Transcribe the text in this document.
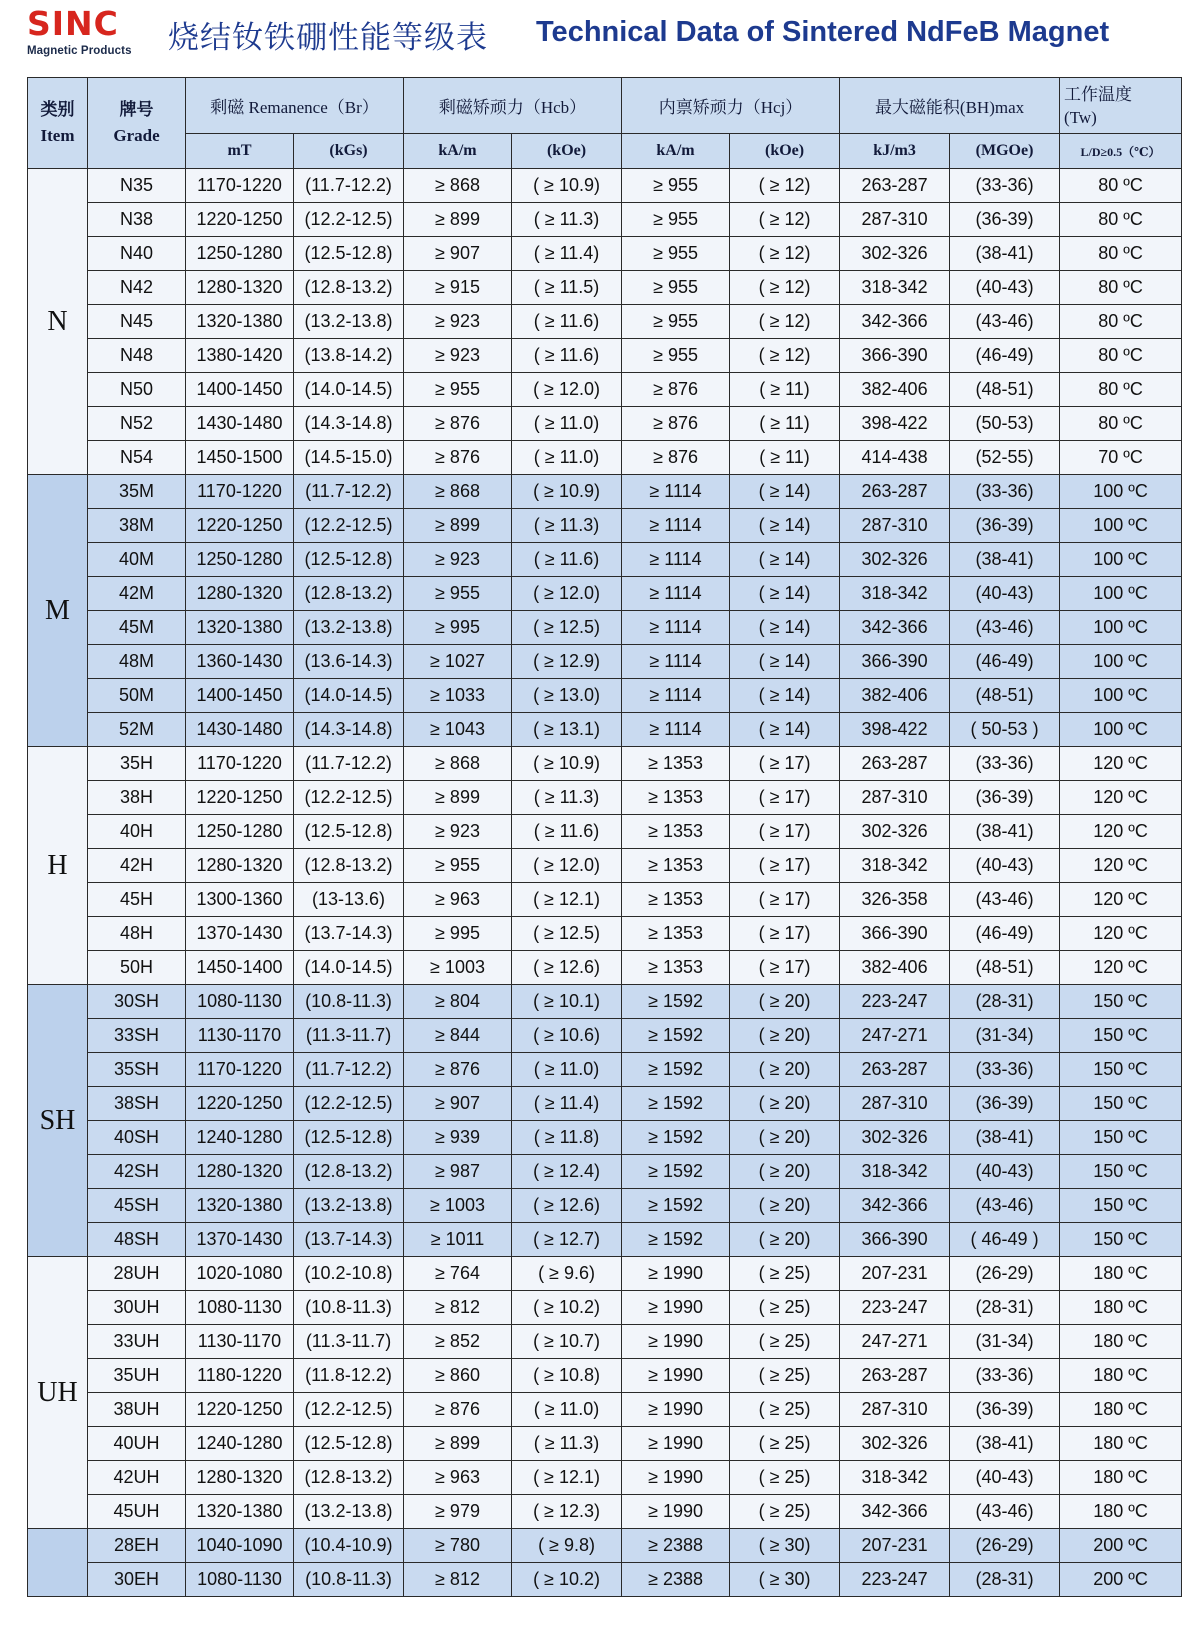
SINC
Magnetic Products	烧结钕铁硼性能等级表 Technical Data of Sintered NdFeB Magnet
类别
Item	牌号
Grade	剩磁 Remanence（Br）		剩磁矫顽力（Hcb）		内禀矫顽力（Hcj）		最大磁能积(BH)max		工作温度
(Tw)
		mT	(kGs)	kA/m	(kOe)	kA/m	(kOe)	kJ/m3	(MGOe)	L/D≥0.5（℃）
N	N35	1170-1220	(11.7-12.2)	≥ 868	( ≥ 10.9)	≥ 955	( ≥ 12)	263-287	(33-36)	80 ºC
	N38	1220-1250	(12.2-12.5)	≥ 899	( ≥ 11.3)	≥ 955	( ≥ 12)	287-310	(36-39)	80 ºC
	N40	1250-1280	(12.5-12.8)	≥ 907	( ≥ 11.4)	≥ 955	( ≥ 12)	302-326	(38-41)	80 ºC
	N42	1280-1320	(12.8-13.2)	≥ 915	( ≥ 11.5)	≥ 955	( ≥ 12)	318-342	(40-43)	80 ºC
	N45	1320-1380	(13.2-13.8)	≥ 923	( ≥ 11.6)	≥ 955	( ≥ 12)	342-366	(43-46)	80 ºC
	N48	1380-1420	(13.8-14.2)	≥ 923	( ≥ 11.6)	≥ 955	( ≥ 12)	366-390	(46-49)	80 ºC
	N50	1400-1450	(14.0-14.5)	≥ 955	( ≥ 12.0)	≥ 876	( ≥ 11)	382-406	(48-51)	80 ºC
	N52	1430-1480	(14.3-14.8)	≥ 876	( ≥ 11.0)	≥ 876	( ≥ 11)	398-422	(50-53)	80 ºC
	N54	1450-1500	(14.5-15.0)	≥ 876	( ≥ 11.0)	≥ 876	( ≥ 11)	414-438	(52-55)	70 ºC
M	35M	1170-1220	(11.7-12.2)	≥ 868	( ≥ 10.9)	≥ 1114	( ≥ 14)	263-287	(33-36)	100 ºC
	38M	1220-1250	(12.2-12.5)	≥ 899	( ≥ 11.3)	≥ 1114	( ≥ 14)	287-310	(36-39)	100 ºC
	40M	1250-1280	(12.5-12.8)	≥ 923	( ≥ 11.6)	≥ 1114	( ≥ 14)	302-326	(38-41)	100 ºC
	42M	1280-1320	(12.8-13.2)	≥ 955	( ≥ 12.0)	≥ 1114	( ≥ 14)	318-342	(40-43)	100 ºC
	45M	1320-1380	(13.2-13.8)	≥ 995	( ≥ 12.5)	≥ 1114	( ≥ 14)	342-366	(43-46)	100 ºC
	48M	1360-1430	(13.6-14.3)	≥ 1027	( ≥ 12.9)	≥ 1114	( ≥ 14)	366-390	(46-49)	100 ºC
	50M	1400-1450	(14.0-14.5)	≥ 1033	( ≥ 13.0)	≥ 1114	( ≥ 14)	382-406	(48-51)	100 ºC
	52M	1430-1480	(14.3-14.8)	≥ 1043	( ≥ 13.1)	≥ 1114	( ≥ 14)	398-422	( 50-53 )	100 ºC
H	35H	1170-1220	(11.7-12.2)	≥ 868	( ≥ 10.9)	≥ 1353	( ≥ 17)	263-287	(33-36)	120 ºC
	38H	1220-1250	(12.2-12.5)	≥ 899	( ≥ 11.3)	≥ 1353	( ≥ 17)	287-310	(36-39)	120 ºC
	40H	1250-1280	(12.5-12.8)	≥ 923	( ≥ 11.6)	≥ 1353	( ≥ 17)	302-326	(38-41)	120 ºC
	42H	1280-1320	(12.8-13.2)	≥ 955	( ≥ 12.0)	≥ 1353	( ≥ 17)	318-342	(40-43)	120 ºC
	45H	1300-1360	(13-13.6)	≥ 963	( ≥ 12.1)	≥ 1353	( ≥ 17)	326-358	(43-46)	120 ºC
	48H	1370-1430	(13.7-14.3)	≥ 995	( ≥ 12.5)	≥ 1353	( ≥ 17)	366-390	(46-49)	120 ºC
	50H	1450-1400	(14.0-14.5)	≥ 1003	( ≥ 12.6)	≥ 1353	( ≥ 17)	382-406	(48-51)	120 ºC
SH	30SH	1080-1130	(10.8-11.3)	≥ 804	( ≥ 10.1)	≥ 1592	( ≥ 20)	223-247	(28-31)	150 ºC
	33SH	1130-1170	(11.3-11.7)	≥ 844	( ≥ 10.6)	≥ 1592	( ≥ 20)	247-271	(31-34)	150 ºC
	35SH	1170-1220	(11.7-12.2)	≥ 876	( ≥ 11.0)	≥ 1592	( ≥ 20)	263-287	(33-36)	150 ºC
	38SH	1220-1250	(12.2-12.5)	≥ 907	( ≥ 11.4)	≥ 1592	( ≥ 20)	287-310	(36-39)	150 ºC
	40SH	1240-1280	(12.5-12.8)	≥ 939	( ≥ 11.8)	≥ 1592	( ≥ 20)	302-326	(38-41)	150 ºC
	42SH	1280-1320	(12.8-13.2)	≥ 987	( ≥ 12.4)	≥ 1592	( ≥ 20)	318-342	(40-43)	150 ºC
	45SH	1320-1380	(13.2-13.8)	≥ 1003	( ≥ 12.6)	≥ 1592	( ≥ 20)	342-366	(43-46)	150 ºC
	48SH	1370-1430	(13.7-14.3)	≥ 1011	( ≥ 12.7)	≥ 1592	( ≥ 20)	366-390	( 46-49 )	150 ºC
UH	28UH	1020-1080	(10.2-10.8)	≥ 764	( ≥ 9.6)	≥ 1990	( ≥ 25)	207-231	(26-29)	180 ºC
	30UH	1080-1130	(10.8-11.3)	≥ 812	( ≥ 10.2)	≥ 1990	( ≥ 25)	223-247	(28-31)	180 ºC
	33UH	1130-1170	(11.3-11.7)	≥ 852	( ≥ 10.7)	≥ 1990	( ≥ 25)	247-271	(31-34)	180 ºC
	35UH	1180-1220	(11.8-12.2)	≥ 860	( ≥ 10.8)	≥ 1990	( ≥ 25)	263-287	(33-36)	180 ºC
	38UH	1220-1250	(12.2-12.5)	≥ 876	( ≥ 11.0)	≥ 1990	( ≥ 25)	287-310	(36-39)	180 ºC
	40UH	1240-1280	(12.5-12.8)	≥ 899	( ≥ 11.3)	≥ 1990	( ≥ 25)	302-326	(38-41)	180 ºC
	42UH	1280-1320	(12.8-13.2)	≥ 963	( ≥ 12.1)	≥ 1990	( ≥ 25)	318-342	(40-43)	180 ºC
	45UH	1320-1380	(13.2-13.8)	≥ 979	( ≥ 12.3)	≥ 1990	( ≥ 25)	342-366	(43-46)	180 ºC
	28EH	1040-1090	(10.4-10.9)	≥ 780	( ≥ 9.8)	≥ 2388	( ≥ 30)	207-231	(26-29)	200 ºC
	30EH	1080-1130	(10.8-11.3)	≥ 812	( ≥ 10.2)	≥ 2388	( ≥ 30)	223-247	(28-31)	200 ºC
